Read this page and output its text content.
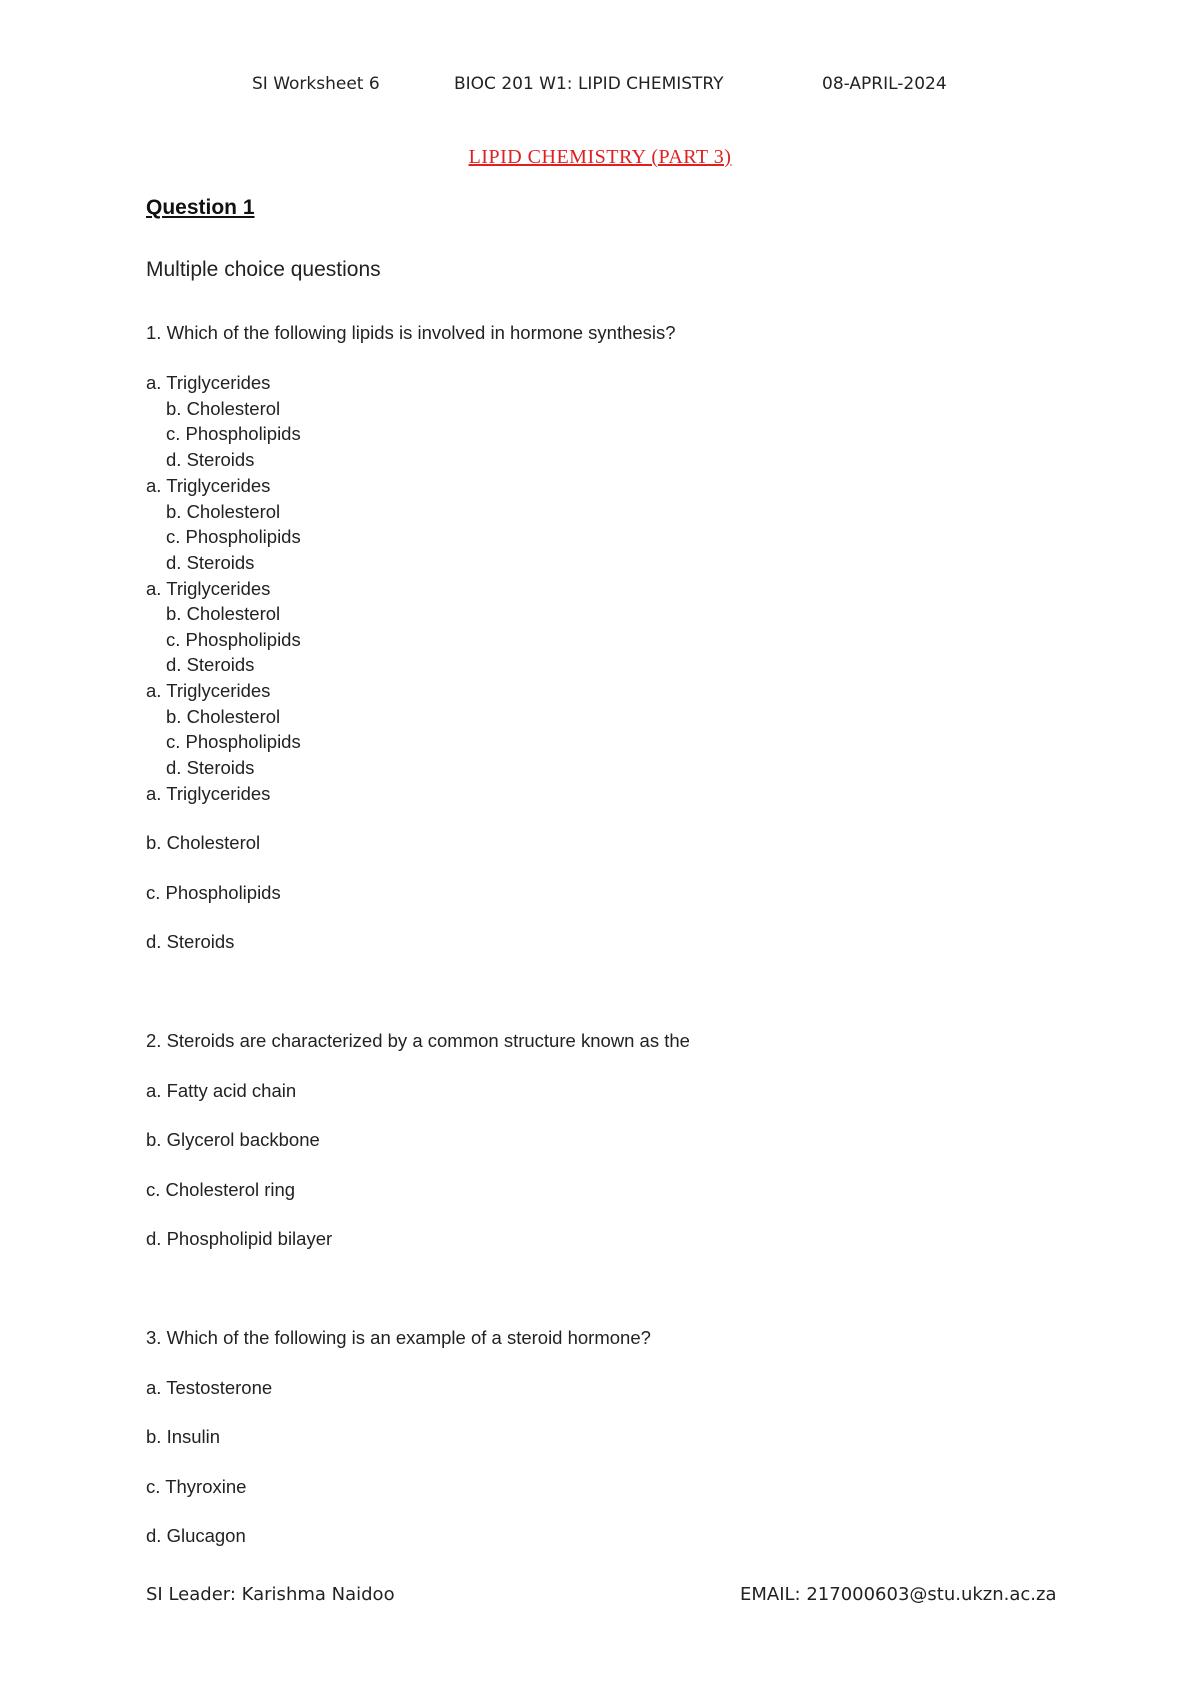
SI Worksheet 6	BIOC 201 W1: LIPID CHEMISTRY	08-APRIL-2024
LIPID CHEMISTRY (PART 3)
Question 1
Multiple choice questions
1. Which of the following lipids is involved in hormone synthesis?
a. Triglycerides
b. Cholesterol
c. Phospholipids
d. Steroids
a. Triglycerides
b. Cholesterol
c. Phospholipids
d. Steroids
a. Triglycerides
b. Cholesterol
c. Phospholipids
d. Steroids
a. Triglycerides
b. Cholesterol
c. Phospholipids
d. Steroids
a. Triglycerides
b. Cholesterol
c. Phospholipids
d. Steroids
2. Steroids are characterized by a common structure known as the
a. Fatty acid chain
b. Glycerol backbone
c. Cholesterol ring
d. Phospholipid bilayer
3. Which of the following is an example of a steroid hormone?
a. Testosterone
b. Insulin
c. Thyroxine
d. Glucagon
SI Leader: Karishma Naidoo	EMAIL: 217000603@stu.ukzn.ac.za
